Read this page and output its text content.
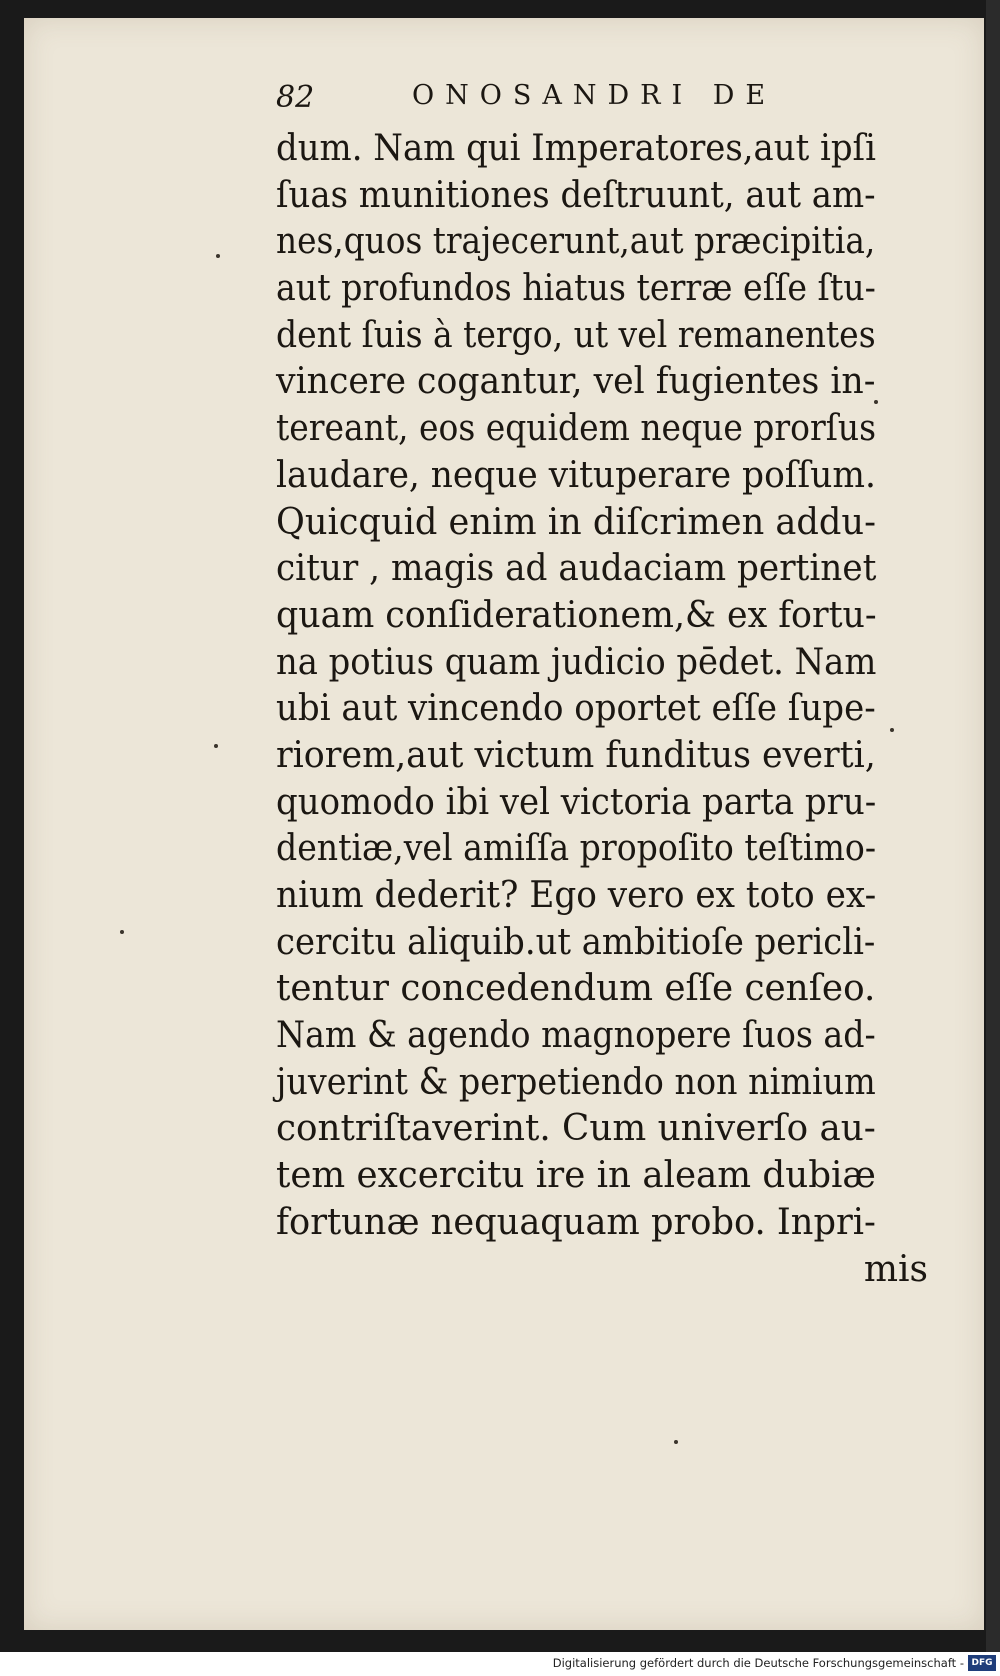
82	ONOSANDRI DE
dum. Nam qui Imperatores,aut ipſi
ſuas munitiones deſtruunt, aut am-
nes,quos trajecerunt,aut præcipitia,
aut profundos hiatus terræ eſſe ſtu-
dent ſuis à tergo, ut vel remanentes
vincere cogantur, vel fugientes in-
tereant, eos equidem neque prorſus
laudare, neque vituperare poſſum.
Quicquid enim in diſcrimen addu-
citur , magis ad audaciam pertinet
quam conſiderationem,& ex fortu-
na potius quam judicio pēdet. Nam
ubi aut vincendo oportet eſſe ſupe-
riorem,aut victum funditus everti,
quomodo ibi vel victoria parta pru-
dentiæ,vel amiſſa propoſito teſtimo-
nium dederit? Ego vero ex toto ex-
cercitu aliquib.ut ambitioſe pericli-
tentur concedendum eſſe cenſeo.
Nam & agendo magnopere ſuos ad-
juverint & perpetiendo non nimium
contriſtaverint. Cum univerſo au-
tem excercitu ire in aleam dubiæ
fortunæ nequaquam probo. Inpri-
mis
Digitalisierung gefördert durch die Deutsche Forschungsgemeinschaft - DFG
